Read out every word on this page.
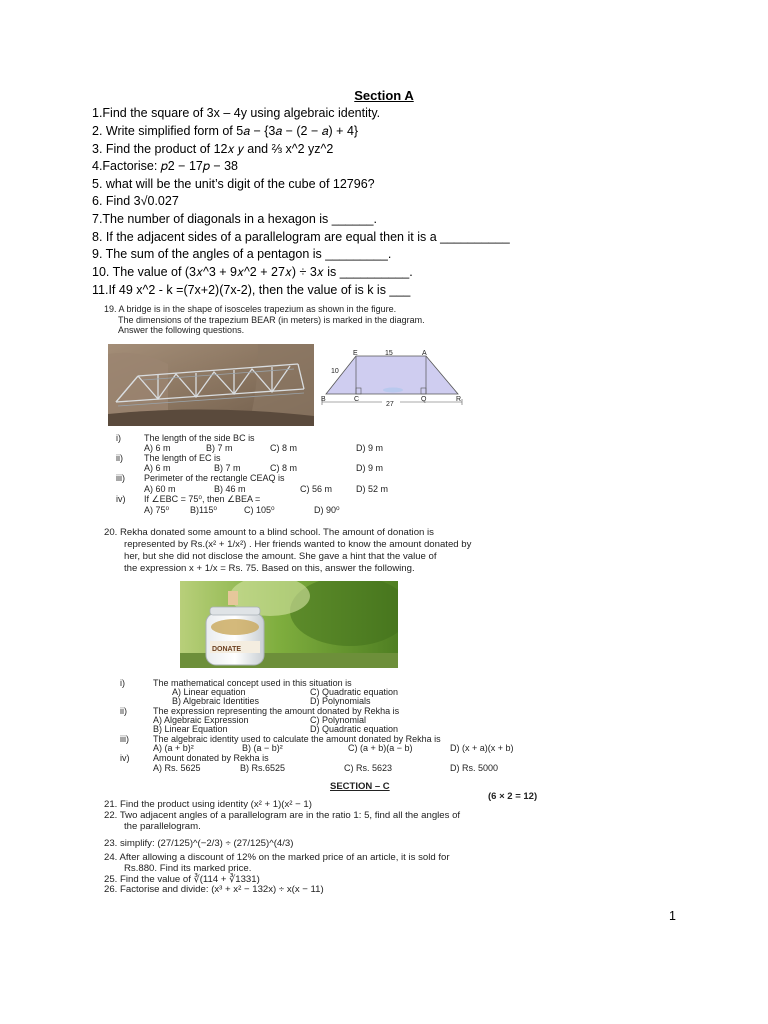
Section A
1.Find the square of 3x – 4y using algebraic identity.
2. Write simplified form of 5𝑎 − {3𝑎 − (2 − 𝑎) + 4}
3. Find the product of 12𝑥 𝑦 and ⅔ x^2 yz^2
4.Factorise: 𝑝2 − 17𝑝 − 38
5. what will be the unit’s digit of the cube of 12796?
6. Find 3√0.027
7.The number of diagonals in a hexagon is ______.
8. If the adjacent sides of a parallelogram are equal then it is a __________
9. The sum of the angles of a pentagon is _________.
10. The value of (3𝑥^3 + 9𝑥^2 + 27𝑥) ÷ 3𝑥 is __________.
11.If 49 x^2 - k =(7x+2)(7x-2), then the value of is k is ___
19. A bridge is in the shape of isosceles trapezium as shown in the figure.
The dimensions of the trapezium BEAR (in meters) is marked in the diagram.
Answer the following questions.
E	A
15
10
B	C	Q	R
27
i)	The length of the side BC is
A) 6 m	B) 7 m	C) 8 m	D) 9 m
ii) The length of EC is
A) 6 m	B) 7 m	C) 8 m	D) 9 m
iii) Perimeter of the rectangle CEAQ is
A) 60 m	B) 46 m	C) 56 m	D) 52 m
iv) If ∠EBC = 75⁰, then ∠BEA =
A) 75⁰ B)115⁰	C) 105⁰	D) 90⁰
20. Rekha donated some amount to a blind school. The amount of donation is
represented by Rs.(x² + 1/x²) . Her friends wanted to know the amount donated by
her, but she did not disclose the amount. She gave a hint that the value of
the expression x + 1/x = Rs. 75. Based on this, answer the following.
DONATE
i)	The mathematical concept used in this situation is
A) Linear equation	C) Quadratic equation
B) Algebraic Identities	D) Polynomials
ii)	The expression representing the amount donated by Rekha is
A) Algebraic Expression	C) Polynomial
B) Linear Equation	D) Quadratic equation
iii)	The algebraic identity used to calculate the amount donated by Rekha is
A) (a + b)²	B) (a − b)²	C) (a + b)(a − b)	D) (x + a)(x + b)
iv)	Amount donated by Rekha is
A) Rs. 5625	B) Rs.6525	C) Rs. 5623	D) Rs. 5000
SECTION – C
(6 × 2 = 12)
21. Find the product using identity (x² + 1)(x² − 1)
22. Two adjacent angles of a parallelogram are in the ratio 1: 5, find all the angles of
the parallelogram.
23. simplify: (27/125)^(−2/3) ÷ (27/125)^(4/3)
24. After allowing a discount of 12% on the marked price of an article, it is sold for
Rs.880. Find its marked price.
25. Find the value of ∛(114 + ∛1331)
26. Factorise and divide: (x³ + x² − 132x) ÷ x(x − 11)
1
